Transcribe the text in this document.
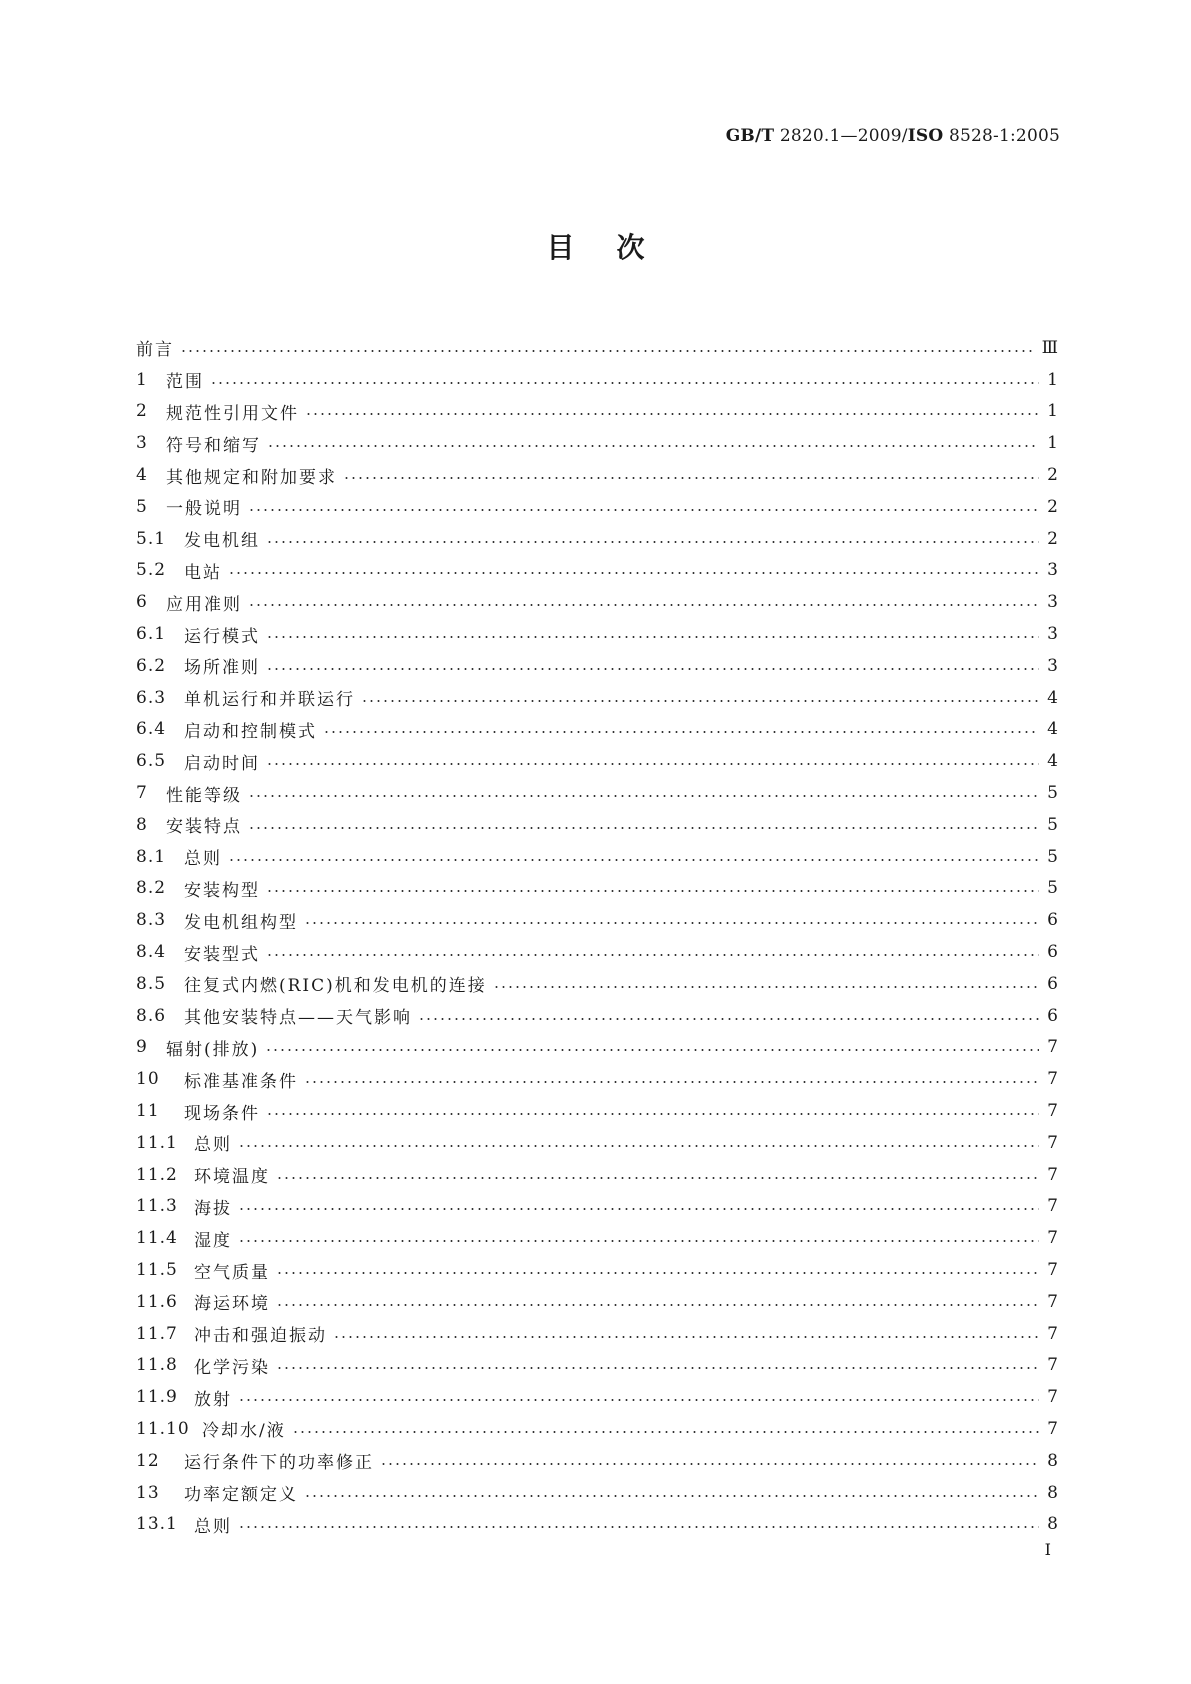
GB/T 2820.1—2009/ISO 8528-1:2005
目 次
前言	Ⅲ
1	范围	1
2	规范性引用文件	1
3	符号和缩写	1
4	其他规定和附加要求	2
5	一般说明	2
5.1	发电机组	2
5.2	电站	3
6	应用准则	3
6.1	运行模式	3
6.2	场所准则	3
6.3	单机运行和并联运行	4
6.4	启动和控制模式	4
6.5	启动时间	4
7	性能等级	5
8	安装特点	5
8.1	总则	5
8.2	安装构型	5
8.3	发电机组构型	6
8.4	安装型式	6
8.5	往复式内燃(RIC)机和发电机的连接	6
8.6	其他安装特点——天气影响	6
9	辐射(排放)	7
10	标准基准条件	7
11	现场条件	7
11.1 总则	7
11.2 环境温度	7
11.3 海拔	7
11.4 湿度	7
11.5 空气质量	7
11.6 海运环境	7
11.7 冲击和强迫振动	7
11.8 化学污染	7
11.9 放射	7
11.10 冷却水/液	7
12	运行条件下的功率修正	8
13	功率定额定义	8
13.1 总则	8
Ⅰ
